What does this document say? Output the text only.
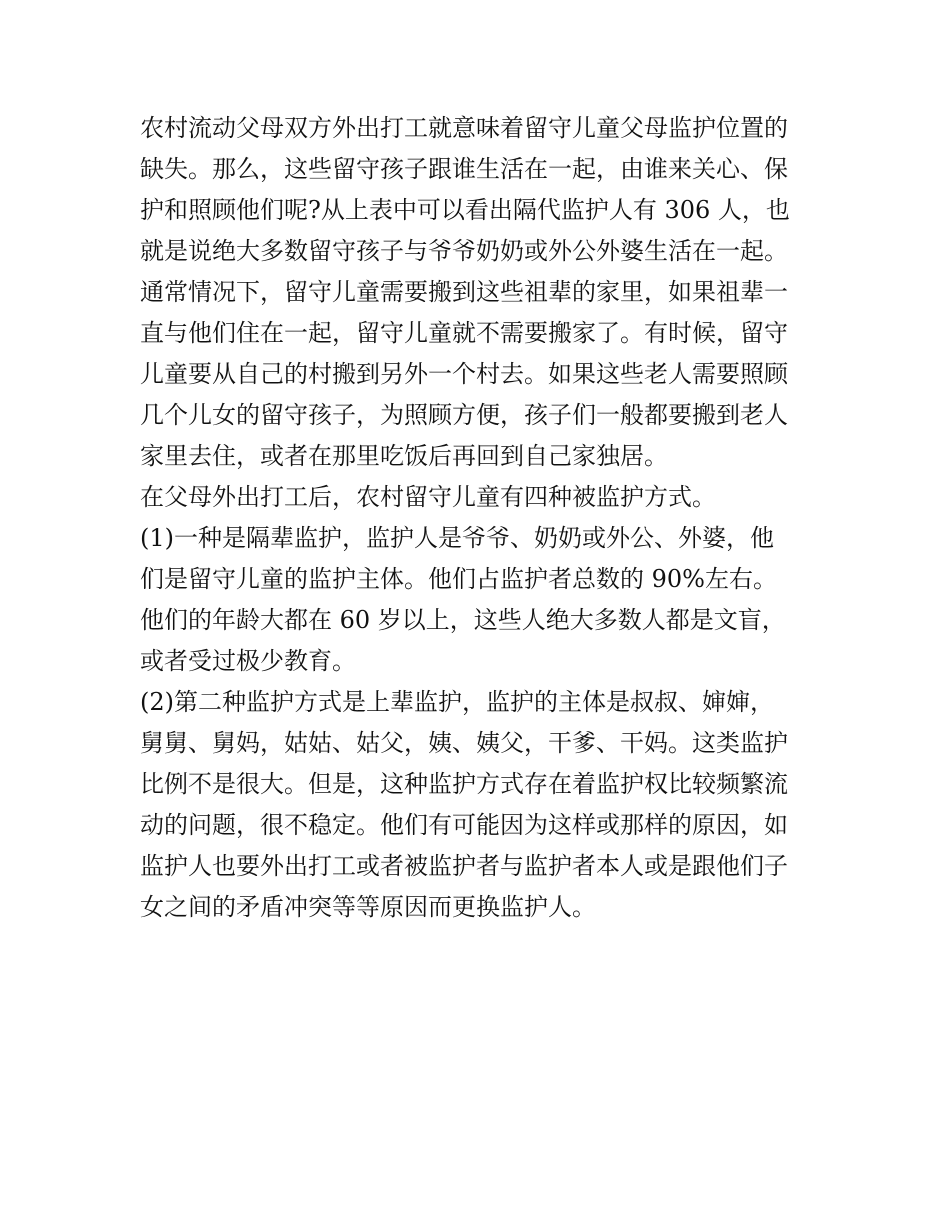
农村流动父母双方外出打工就意味着留守儿童父母监护位置的
缺失。那么，这些留守孩子跟谁生活在一起，由谁来关心、保
护和照顾他们呢?从上表中可以看出隔代监护人有 306 人，也
就是说绝大多数留守孩子与爷爷奶奶或外公外婆生活在一起。
通常情况下，留守儿童需要搬到这些祖辈的家里，如果祖辈一
直与他们住在一起，留守儿童就不需要搬家了。有时候，留守
儿童要从自己的村搬到另外一个村去。如果这些老人需要照顾
几个儿女的留守孩子，为照顾方便，孩子们一般都要搬到老人
家里去住，或者在那里吃饭后再回到自己家独居。
在父母外出打工后，农村留守儿童有四种被监护方式。
(1)一种是隔辈监护，监护人是爷爷、奶奶或外公、外婆，他
们是留守儿童的监护主体。他们占监护者总数的 90%左右。
他们的年龄大都在 60 岁以上，这些人绝大多数人都是文盲，
或者受过极少教育。
(2)第二种监护方式是上辈监护，监护的主体是叔叔、婶婶，
舅舅、舅妈，姑姑、姑父，姨、姨父，干爹、干妈。这类监护
比例不是很大。但是，这种监护方式存在着监护权比较频繁流
动的问题，很不稳定。他们有可能因为这样或那样的原因，如
监护人也要外出打工或者被监护者与监护者本人或是跟他们子
女之间的矛盾冲突等等原因而更换监护人。
